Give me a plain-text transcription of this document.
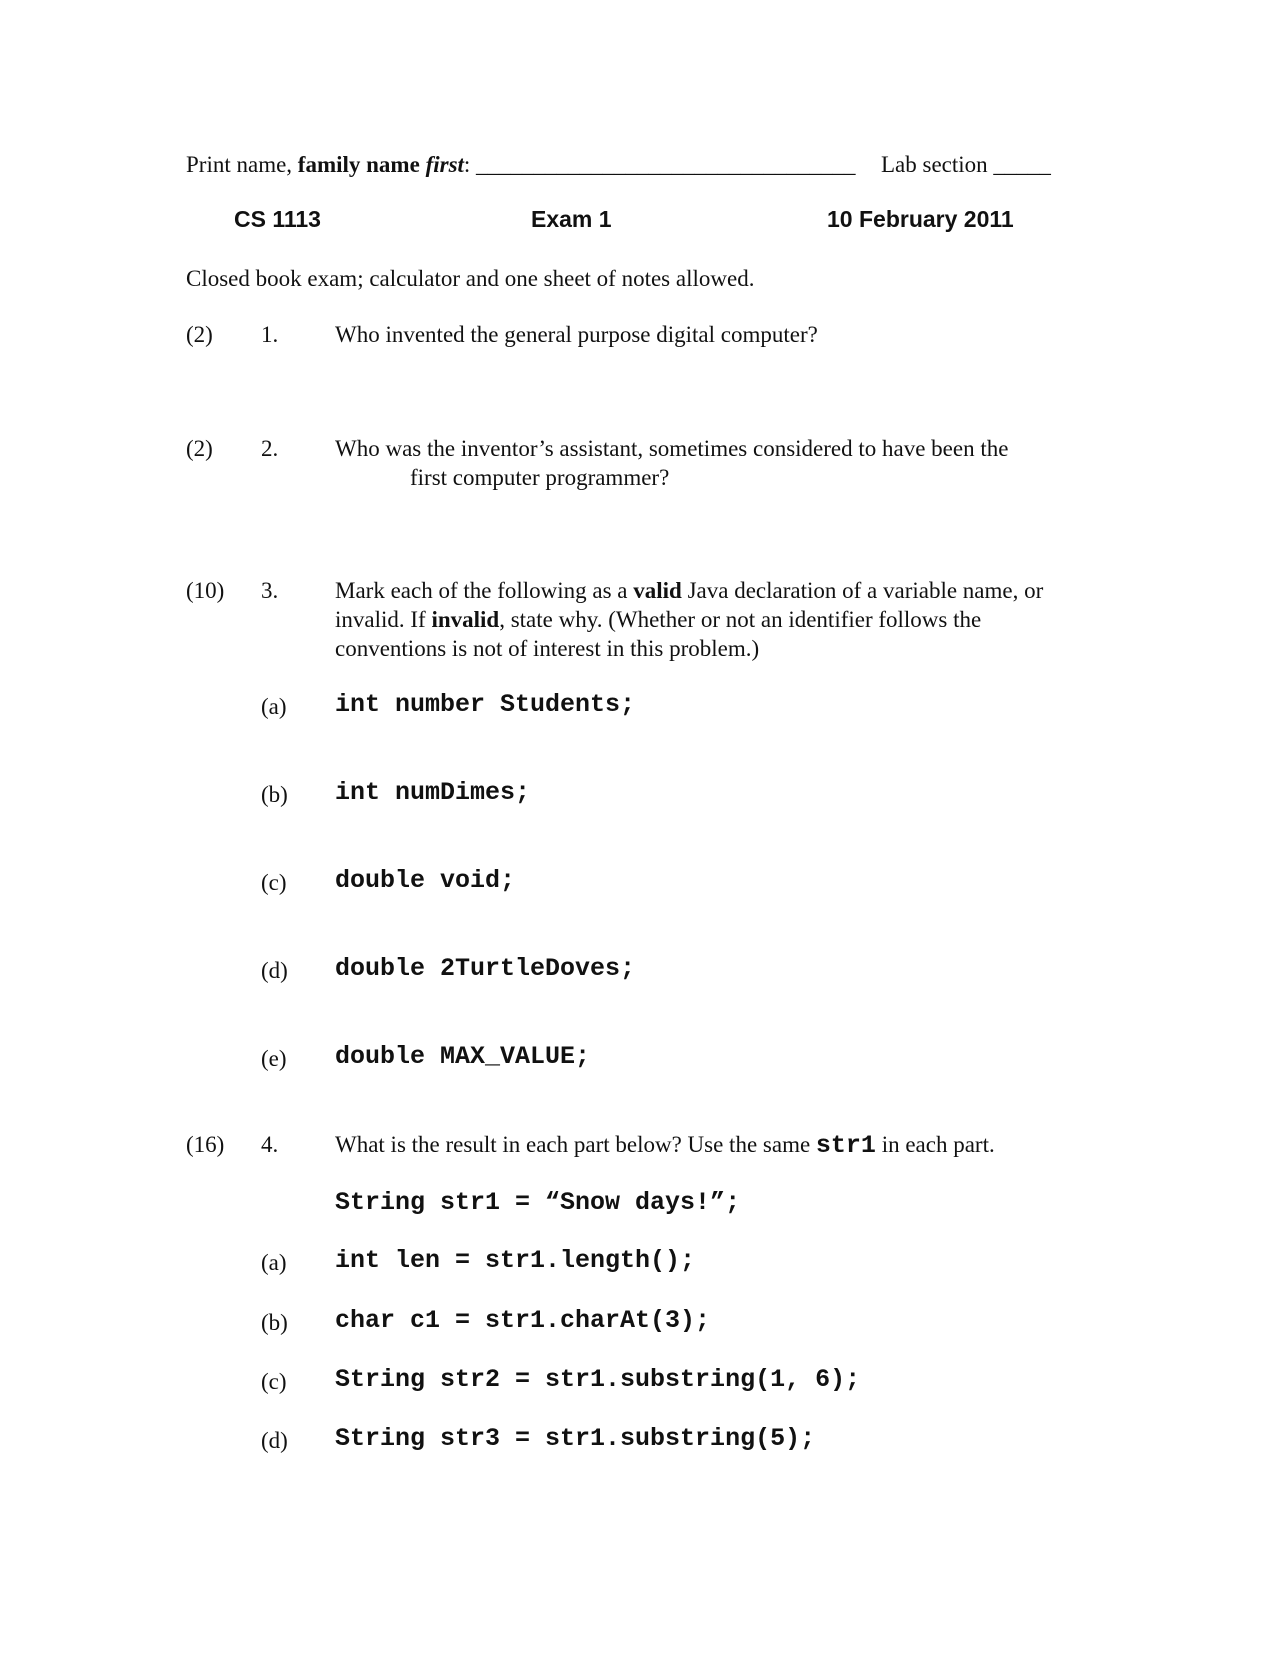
Print name, family name first: _________________________________ Lab section _____
CS 1113	Exam 1	10 February 2011
Closed book exam; calculator and one sheet of notes allowed.
(2) 1. Who invented the general purpose digital computer?
(2) 2. Who was the inventor’s assistant, sometimes considered to have been the
first computer programmer?
(10) 3. Mark each of the following as a valid Java declaration of a variable name, or invalid. If invalid, state why. (Whether or not an identifier follows the conventions is not of interest in this problem.)
(a) int number Students;
(b) int numDimes;
(c) double void;
(d) double 2TurtleDoves;
(e) double MAX_VALUE;
(16) 4. What is the result in each part below? Use the same str1 in each part.
String str1 = “Snow days!”;
(a) int len = str1.length();
(b) char c1 = str1.charAt(3);
(c) String str2 = str1.substring(1, 6);
(d) String str3 = str1.substring(5);
